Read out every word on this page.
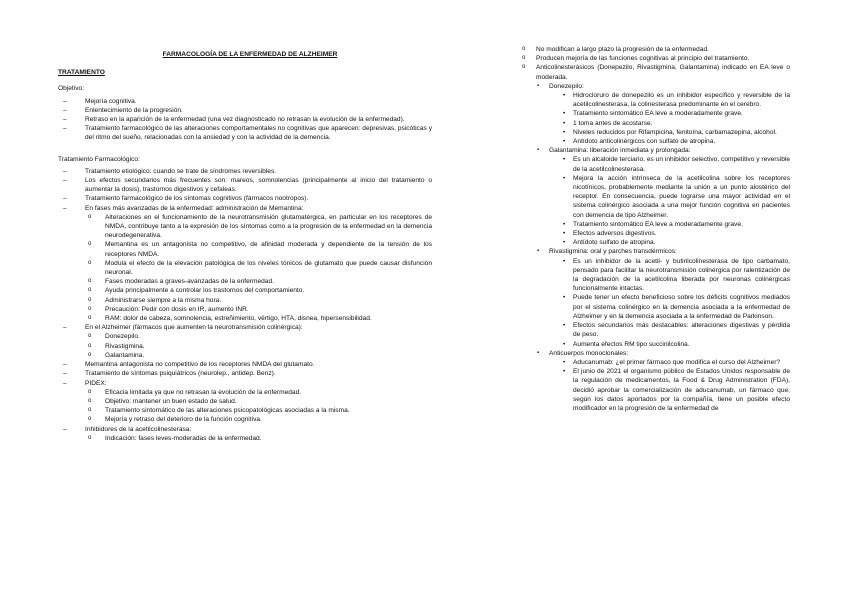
FARMACOLOGÍA DE LA ENFERMEDAD DE ALZHEIMER
TRATAMIENTO
Objetivo:
– Mejoría cognitiva.
– Enlentecimiento de la progresión.
– Retraso en la aparición de la enfermedad (una vez diagnosticado no retrasan la evolución de la enfermedad).
– Tratamiento farmacológico de las alteraciones comportamentales no cognitivas que aparecen: depresivas, psicóticas y del ritmo del sueño, relacionadas con la ansiedad y con la actividad de la demencia.
Tratamiento Farmacológico:
– Tratamiento etiológico: cuando se trate de síndromes reversibles.
– Los efectos secundarios más frecuentes son: mareos, somnolencias (principalmente al inicio del tratamiento o aumentar la dosis), trastornos digestivos y cefaleas.
– Tratamiento farmacológico de los síntomas cognitivos (fármacos nootropos).
– En fases más avanzadas de la enfermedad: administración de Memantina:
o Alteraciones en el funcionamiento de la neurotransmisión glutamatérgica, en particular en los receptores de NMDA, contribuye tanto a la expresión de los síntomas como a la progresión de la enfermedad en la demencia neurodegenerativa.
o Memantina es un antagonista no competitivo, de afinidad moderada y dependiente de la tensión de los receptores NMDA.
o Modula el efecto de la elevación patológica de los niveles tónicos de glutamato que puede causar disfunción neuronal.
o Fases moderadas a graves-avanzadas de la enfermedad.
o Ayuda principalmente a controlar los trastornos del comportamiento.
o Administrarse siempre a la misma hora.
o Precaución: Pedir con dosis en IR, aumento INR.
o RAM: dolor de cabeza, somnolencia, estreñimiento, vértigo, HTA, disnea, hipersensibilidad.
– En el Alzheimer (fármacos que aumenten la neurotransmisión colinérgica):
o Donezepilo.
o Rivastigmina.
o Galantamina.
– Memantina antagonista no competitivo de los receptores NMDA del glutamato.
– Tratamiento de síntomas psiquiátricos (neurolep., antidep. Benz).
– PIDEX:
o Eficacia limitada ya que no retrasan la evolución de la enfermedad.
o Objetivo: mantener un buen estado de salud.
o Tratamiento sintomático de las alteraciones psicopatológicas asociadas a la misma.
o Mejoría y retraso del deterioro de la función cognitiva.
– Inhibidores de la acetilcolinesterasa:
o Indicación: fases leves-moderadas de la enfermedad.
o No modifican a largo plazo la progresión de la enfermedad.
o Producen mejoría de las funciones cognitivas al principio del tratamiento.
o Anticolinesterásicos (Donepezilo, Rivastigmina, Galantamina) indicado en EA leve o moderada.
▪ Donezepilo:
• Hidrocloruro de donepezilo es un inhibidor específico y reversible de la acetilcolinesterasa, la colinesterasa predominante en el cerebro.
• Tratamiento sintomático EA leve a moderadamente grave.
• 1 toma antes de acostarse.
• Niveles reducidos por Rifampicina, fenitoína, carbamazepina, alcohol.
• Antídoto anticolinérgicos con sulfato de atropina.
▪ Galantamina: liberación inmediata y prolongada:
• Es un alcaloide terciario, es un inhibidor selectivo, competitivo y reversible de la acetilcolinesterasa.
• Mejora la acción intrínseca de la acetilcolina sobre los receptores nicotínicos, probablemente mediante la unión a un punto alostérico del receptor. En consecuencia, puede lograrse una mayor actividad en el sistema colinérgico asociada a una mejor función cognitiva en pacientes con demencia de tipo Alzheimer.
• Tratamiento sintomático EA leve a moderadamente grave.
• Efectos adversos digestivos.
• Antídoto sulfato de atropina.
▪ Rivastigmina: oral y parches transdérmicos:
• Es un inhibidor de la acetil- y butirilcolinesterasa de tipo carbamato, pensado para facilitar la neurotransmisión colinérgica por ralentización de la degradación de la acetilcolina liberada por neuronas colinérgicas funcionalmente intactas.
• Puede tener un efecto beneficioso sobre los déficits cognitivos mediados por el sistema colinérgico en la demencia asociada a la enfermedad de Alzheimer y en la demencia asociada a la enfermedad de Parkinson.
• Efectos secundarios más destacables: alteraciones digestivas y pérdida de peso.
• Aumenta efectos RM tipo succinilcolina.
▪ Anticuerpos monoclonales:
• Aducanumab: ¿el primer fármaco que modifica el curso del Alzheimer?
• El junio de 2021 el organismo público de Estados Unidos responsable de la regulación de medicamentos, la Food & Drug Administration (FDA), decidió aprobar la comercialización de aducanumab, un fármaco que, según los datos aportados por la compañía, tiene un posible efecto modificador en la progresión de la enfermedad de
